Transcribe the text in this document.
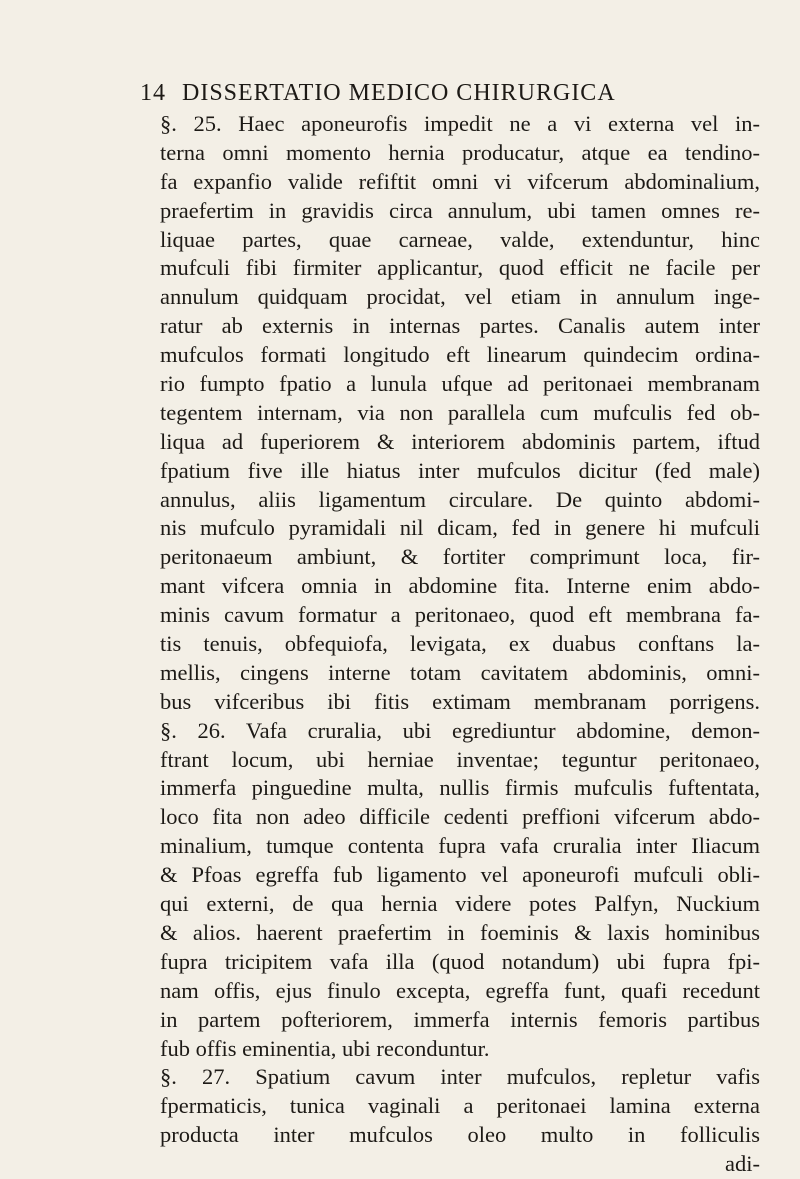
14 DISSERTATIO MEDICO CHIRURGICA
§. 25. Haec aponeurofis impedit ne a vi externa vel in-
terna omni momento hernia producatur, atque ea tendino-
fa expanfio valide refiftit omni vi vifcerum abdominalium,
praefertim in gravidis circa annulum, ubi tamen omnes re-
liquae partes, quae carneae, valde, extenduntur, hinc
mufculi fibi firmiter applicantur, quod efficit ne facile per
annulum quidquam procidat, vel etiam in annulum inge-
ratur ab externis in internas partes. Canalis autem inter
mufculos formati longitudo eft linearum quindecim ordina-
rio fumpto fpatio a lunula ufque ad peritonaei membranam
tegentem internam, via non parallela cum mufculis fed ob-
liqua ad fuperiorem & interiorem abdominis partem, iftud
fpatium five ille hiatus inter mufculos dicitur (fed male)
annulus, aliis ligamentum circulare. De quinto abdomi-
nis mufculo pyramidali nil dicam, fed in genere hi mufculi
peritonaeum ambiunt, & fortiter comprimunt loca, fir-
mant vifcera omnia in abdomine fita. Interne enim abdo-
minis cavum formatur a peritonaeo, quod eft membrana fa-
tis tenuis, obfequiofa, levigata, ex duabus conftans la-
mellis, cingens interne totam cavitatem abdominis, omni-
bus vifceribus ibi fitis extimam membranam porrigens.
§. 26. Vafa cruralia, ubi egrediuntur abdomine, demon-
ftrant locum, ubi herniae inventae; teguntur peritonaeo,
immerfa pinguedine multa, nullis firmis mufculis fuftentata,
loco fita non adeo difficile cedenti preffioni vifcerum abdo-
minalium, tumque contenta fupra vafa cruralia inter Iliacum
& Pfoas egreffa fub ligamento vel aponeurofi mufculi obli-
qui externi, de qua hernia videre potes Palfyn, Nuckium
& alios. haerent praefertim in foeminis & laxis hominibus
fupra tricipitem vafa illa (quod notandum) ubi fupra fpi-
nam offis, ejus finulo excepta, egreffa funt, quafi recedunt
in partem pofteriorem, immerfa internis femoris partibus
fub offis eminentia, ubi reconduntur.
§. 27. Spatium cavum inter mufculos, repletur vafis
fpermaticis, tunica vaginali a peritonaei lamina externa
producta inter mufculos oleo multo in folliculis
adi-
